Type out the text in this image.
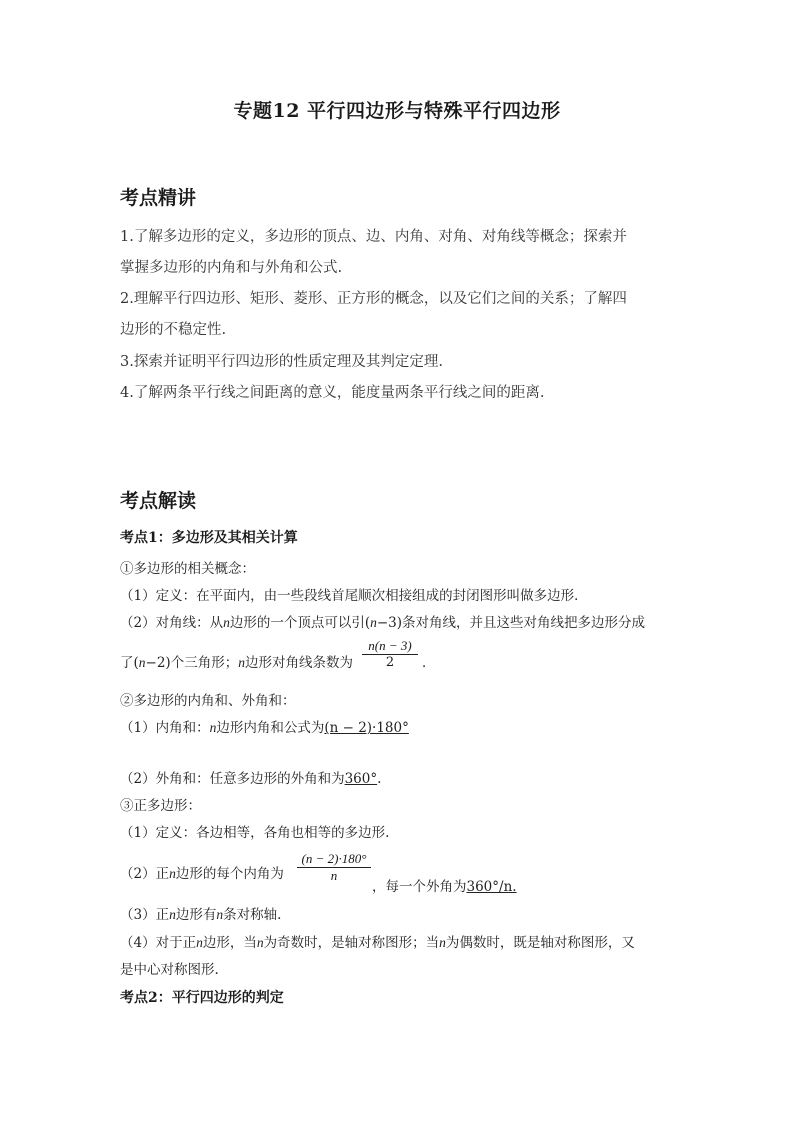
专题12 平行四边形与特殊平行四边形
考点精讲
1.了解多边形的定义，多边形的顶点、边、内角、对角、对角线等概念；探索并
掌握多边形的内角和与外角和公式.
2.理解平行四边形、矩形、菱形、正方形的概念，以及它们之间的关系；了解四
边形的不稳定性.
3.探索并证明平行四边形的性质定理及其判定定理.
4.了解两条平行线之间距离的意义，能度量两条平行线之间的距离.
考点解读
考点1：多边形及其相关计算
①多边形的相关概念：
（1）定义：在平面内，由一些段线首尾顺次相接组成的封闭图形叫做多边形．
（2）对角线：从n边形的一个顶点可以引(n−3)条对角线，并且这些对角线把多边形分成
了(n−2)个三角形；n边形对角线条数为
n(n − 3)
2	．
②多边形的内角和、外角和：
（1）内角和：n边形内角和公式为(n − 2)·180°
（2）外角和：任意多边形的外角和为360°.
③正多边形：
（1）定义：各边相等，各角也相等的多边形.
（2）正n边形的每个内角为
(n − 2)·180°
n
，每一个外角为360°/n.
（3）正n边形有n条对称轴.
（4）对于正n边形，当n为奇数时，是轴对称图形；当n为偶数时，既是轴对称图形，又
是中心对称图形.
考点2：平行四边形的判定
